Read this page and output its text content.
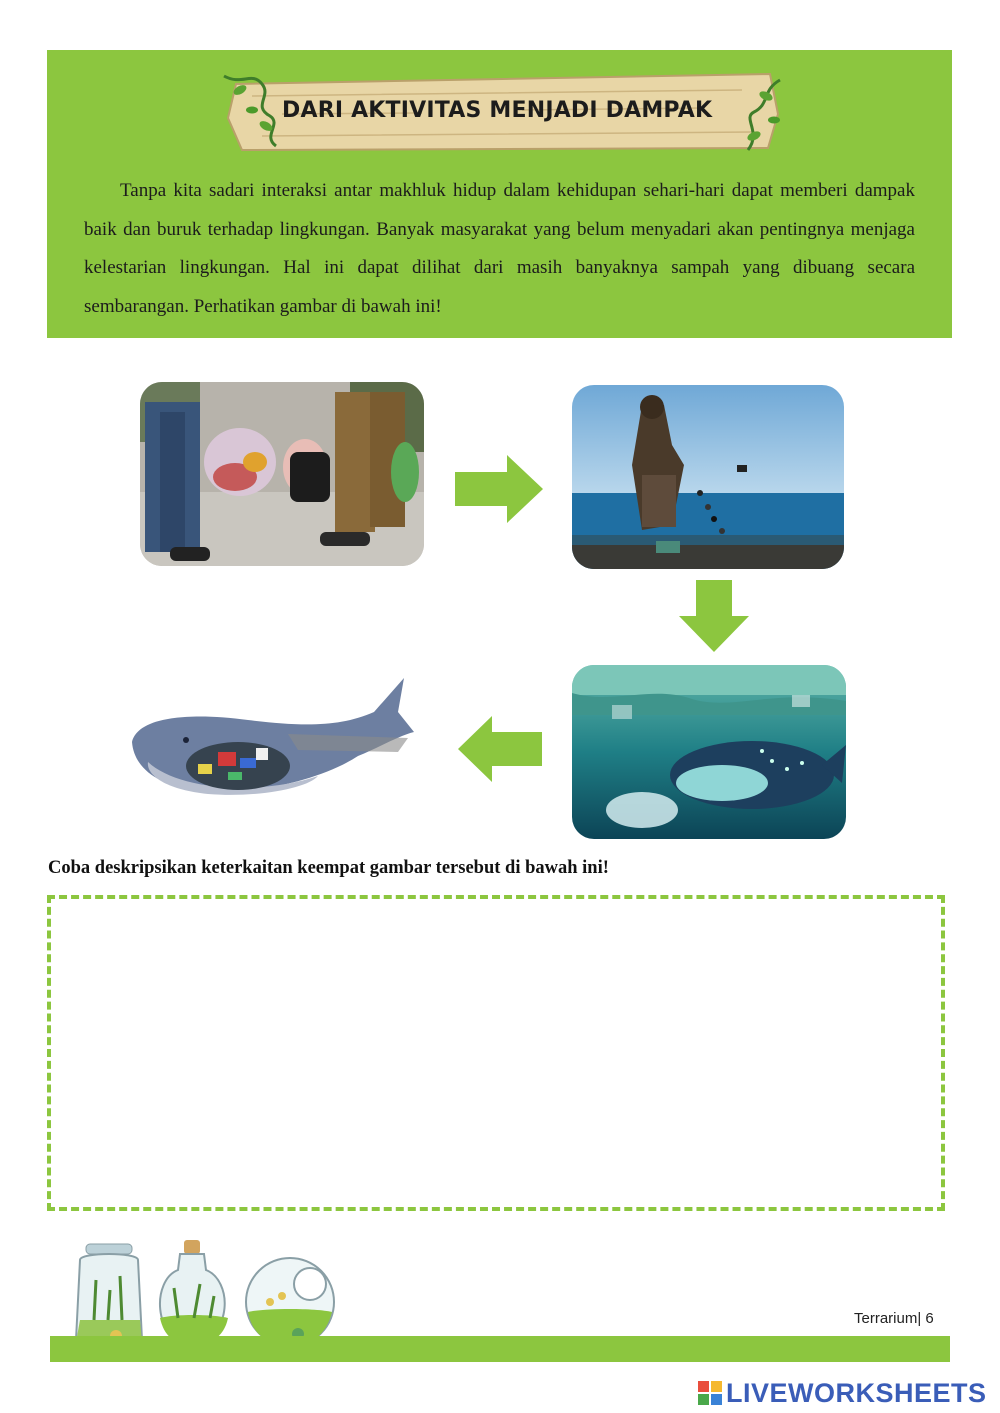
DARI AKTIVITAS MENJADI DAMPAK

Tanpa kita sadari interaksi antar makhluk hidup dalam kehidupan sehari-hari dapat memberi dampak baik dan buruk terhadap lingkungan. Banyak masyarakat yang belum menyadari akan pentingnya menjaga kelestarian lingkungan. Hal ini dapat dilihat dari masih banyaknya sampah yang dibuang secara sembarangan. Perhatikan gambar di bawah ini!

Coba deskripsikan keterkaitan keempat gambar tersebut di bawah ini!
Terrarium| 6
LIVEWORKSHEETS
